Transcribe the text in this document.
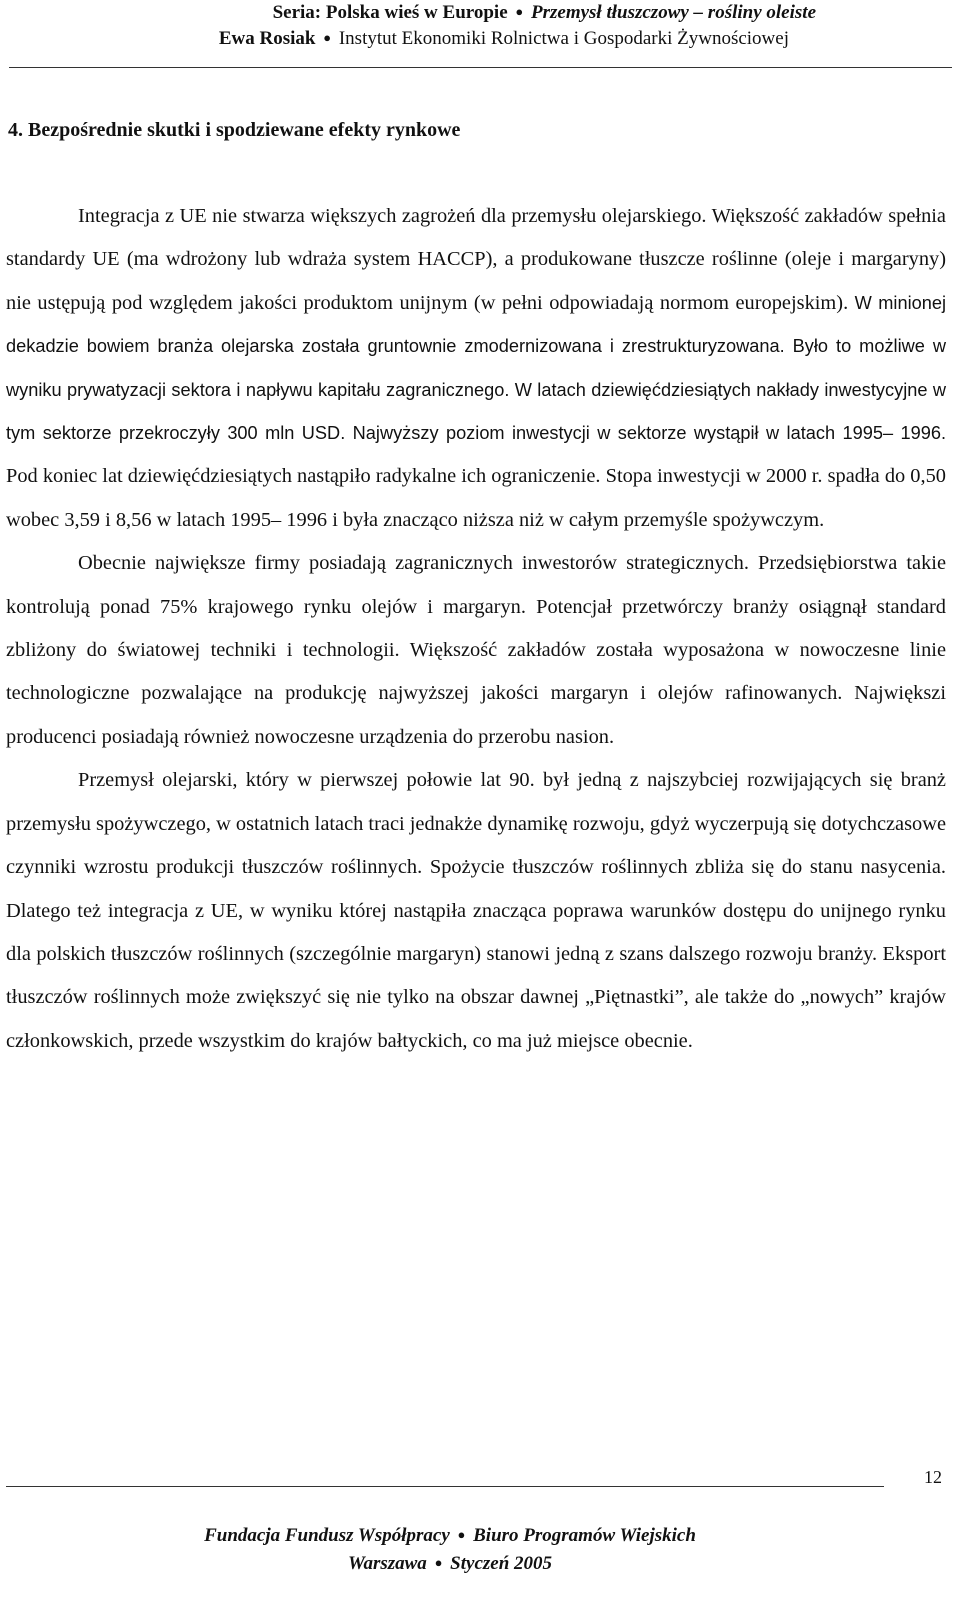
Seria: Polska wieś w Europie ● Przemysł tłuszczowy – rośliny oleiste
Ewa Rosiak ● Instytut Ekonomiki Rolnictwa i Gospodarki Żywnościowej
4. Bezpośrednie skutki i spodziewane efekty rynkowe

Integracja z UE nie stwarza większych zagrożeń dla przemysłu olejarskiego. Większość zakładów spełnia standardy UE (ma wdrożony lub wdraża system HACCP), a produkowane tłuszcze roślinne (oleje i margaryny) nie ustępują pod względem jakości produktom unijnym (w pełni odpowiadają normom europejskim). W minionej dekadzie bowiem branża olejarska została gruntownie zmodernizowana i zrestrukturyzowana. Było to możliwe w wyniku prywatyzacji sektora i napływu kapitału zagranicznego. W latach dziewięćdziesiątych nakłady inwestycyjne w tym sektorze przekroczyły 300 mln USD. Najwyższy poziom inwestycji w sektorze wystąpił w latach 1995– 1996. Pod koniec lat dziewięćdziesiątych nastąpiło radykalne ich ograniczenie. Stopa inwestycji w 2000 r. spadła do 0,50 wobec 3,59 i 8,56 w latach 1995– 1996 i była znacząco niższa niż w całym przemyśle spożywczym.

Obecnie największe firmy posiadają zagranicznych inwestorów strategicznych. Przedsiębiorstwa takie kontrolują ponad 75% krajowego rynku olejów i margaryn. Potencjał przetwórczy branży osiągnął standard zbliżony do światowej techniki i technologii. Większość zakładów została wyposażona w nowoczesne linie technologiczne pozwalające na produkcję najwyższej jakości margaryn i olejów rafinowanych. Największi producenci posiadają również nowoczesne urządzenia do przerobu nasion.

Przemysł olejarski, który w pierwszej połowie lat 90. był jedną z najszybciej rozwijających się branż przemysłu spożywczego, w ostatnich latach traci jednakże dynamikę rozwoju, gdyż wyczerpują się dotychczasowe czynniki wzrostu produkcji tłuszczów roślinnych. Spożycie tłuszczów roślinnych zbliża się do stanu nasycenia. Dlatego też integracja z UE, w wyniku której nastąpiła znacząca poprawa warunków dostępu do unijnego rynku dla polskich tłuszczów roślinnych (szczególnie margaryn) stanowi jedną z szans dalszego rozwoju branży. Eksport tłuszczów roślinnych może zwiększyć się nie tylko na obszar dawnej „Piętnastki”, ale także do „nowych” krajów członkowskich, przede wszystkim do krajów bałtyckich, co ma już miejsce obecnie.

12
Fundacja Fundusz Współpracy ● Biuro Programów Wiejskich
Warszawa ● Styczeń 2005
